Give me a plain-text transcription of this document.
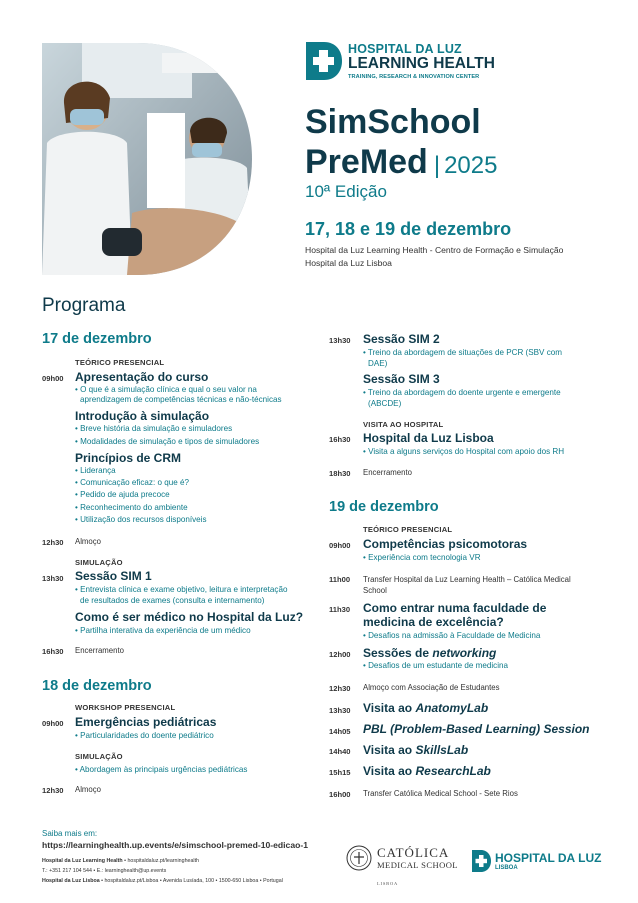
HOSPITAL DA LUZ
LEARNING HEALTH
TRAINING, RESEARCH & INNOVATION CENTER
SimSchool
PreMed | 2025
10ª Edição
17, 18 e 19 de dezembro
Hospital da Luz Learning Health - Centro de Formação e Simulação
Hospital da Luz Lisboa
Programa
17 de dezembro
TEÓRICO PRESENCIAL
09h00 Apresentação do curso
• O que é a simulação clínica e qual o seu valor na
aprendizagem de competências técnicas e não-técnicas
Introdução à simulação
• Breve história da simulação e simuladores
• Modalidades de simulação e tipos de simuladores
Princípios de CRM
• Liderança
• Comunicação eficaz: o que é?
• Pedido de ajuda precoce
• Reconhecimento do ambiente
• Utilização dos recursos disponíveis
12h30 Almoço
SIMULAÇÃO
13h30 Sessão SIM 1
• Entrevista clínica e exame objetivo, leitura e interpretação
de resultados de exames (consulta e internamento)
Como é ser médico no Hospital da Luz?
• Partilha interativa da experiência de um médico
16h30 Encerramento
18 de dezembro
WORKSHOP PRESENCIAL
09h00 Emergências pediátricas
• Particularidades do doente pediátrico
SIMULAÇÃO
• Abordagem às principais urgências pediátricas
12h30 Almoço
13h30 Sessão SIM 2
• Treino da abordagem de situações de PCR (SBV com
DAE)
Sessão SIM 3
• Treino da abordagem do doente urgente e emergente
(ABCDE)
VISITA AO HOSPITAL
16h30 Hospital da Luz Lisboa
• Visita a alguns serviços do Hospital com apoio dos RH
18h30 Encerramento
19 de dezembro
TEÓRICO PRESENCIAL
09h00 Competências psicomotoras
• Experiência com tecnologia VR
11h00 Transfer Hospital da Luz Learning Health – Católica Medical
School
11h30 Como entrar numa faculdade de
medicina de excelência?
• Desafios na admissão à Faculdade de Medicina
12h00 Sessões de networking
• Desafios de um estudante de medicina
12h30 Almoço com Associação de Estudantes
13h30 Visita ao AnatomyLab
14h05 PBL (Problem-Based Learning) Session
14h40 Visita ao SkillsLab
15h15 Visita ao ResearchLab
16h00 Transfer Católica Medical School - Sete Rios
Saiba mais em:
https://learninghealth.up.events/e/simschool-premed-10-edicao-1
Hospital da Luz Learning Health • hospitaldaluz.pt/learninghealth
T.: +351 217 104 544 • E.: learninghealth@up.events
Hospital da Luz Lisboa • hospitaldaluz.pt/Lisboa • Avenida Lusíada, 100 • 1500-650 Lisboa • Portugal
CATÓLICA
MEDICAL SCHOOL
LISBOA
HOSPITAL DA LUZ
LISBOA
